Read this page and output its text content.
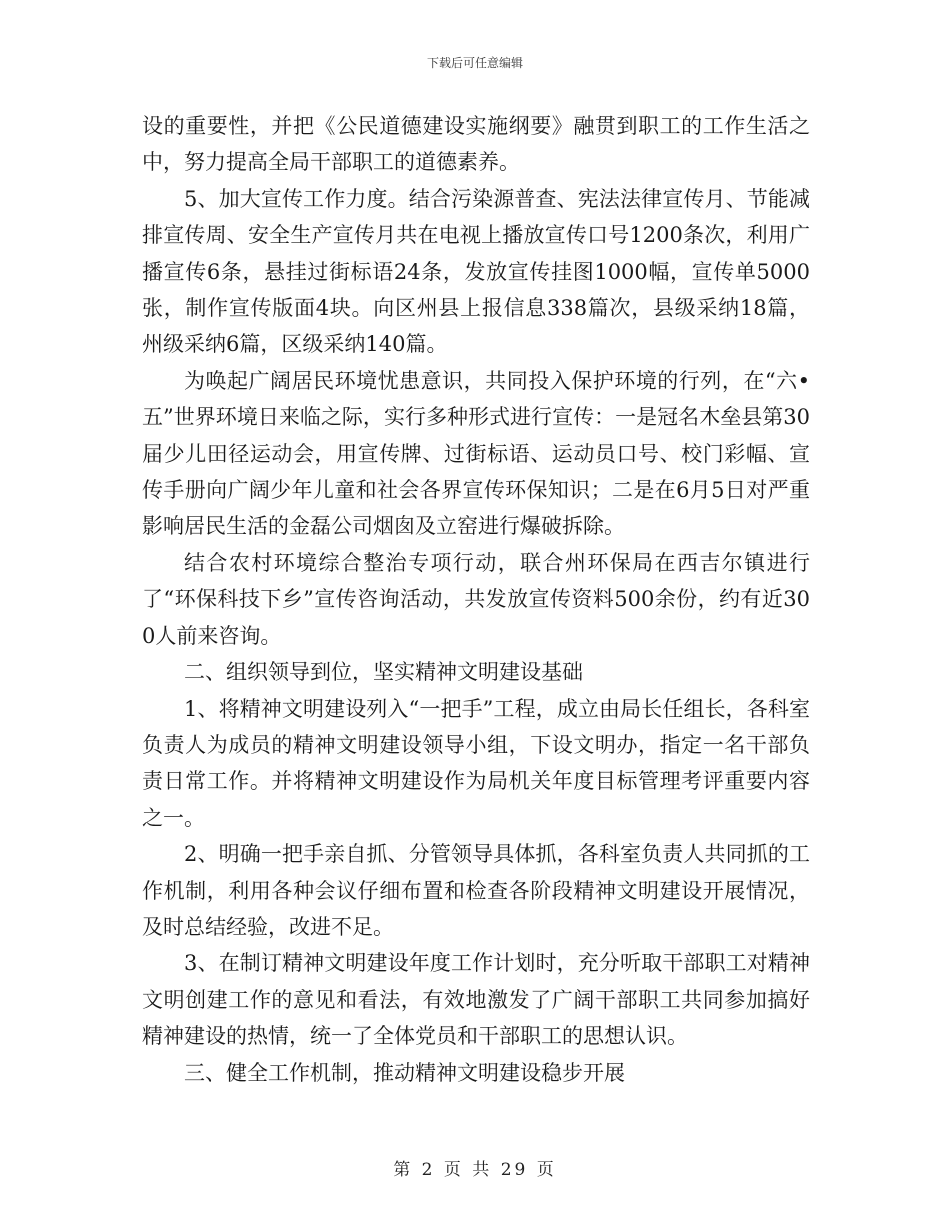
下载后可任意编辑

设的重要性，并把《公民道德建设实施纲要》融贯到职工的工作生活之中，努力提高全局干部职工的道德素养。

5、加大宣传工作力度。结合污染源普查、宪法法律宣传月、节能减排宣传周、安全生产宣传月共在电视上播放宣传口号1200条次，利用广播宣传6条，悬挂过街标语24条，发放宣传挂图1000幅，宣传单5000张，制作宣传版面4块。向区州县上报信息338篇次，县级采纳18篇，州级采纳6篇，区级采纳140篇。

为唤起广阔居民环境忧患意识，共同投入保护环境的行列，在“六•五”世界环境日来临之际，实行多种形式进行宣传：一是冠名木垒县第30届少儿田径运动会，用宣传牌、过街标语、运动员口号、校门彩幅、宣传手册向广阔少年儿童和社会各界宣传环保知识；二是在6月5日对严重影响居民生活的金磊公司烟囱及立窑进行爆破拆除。

结合农村环境综合整治专项行动，联合州环保局在西吉尔镇进行了“环保科技下乡”宣传咨询活动，共发放宣传资料500余份，约有近300人前来咨询。

二、组织领导到位，坚实精神文明建设基础

1、将精神文明建设列入“一把手”工程，成立由局长任组长，各科室负责人为成员的精神文明建设领导小组，下设文明办，指定一名干部负责日常工作。并将精神文明建设作为局机关年度目标管理考评重要内容之一。

2、明确一把手亲自抓、分管领导具体抓，各科室负责人共同抓的工作机制，利用各种会议仔细布置和检查各阶段精神文明建设开展情况，及时总结经验，改进不足。

3、在制订精神文明建设年度工作计划时，充分听取干部职工对精神文明创建工作的意见和看法，有效地激发了广阔干部职工共同参加搞好精神建设的热情，统一了全体党员和干部职工的思想认识。

三、健全工作机制，推动精神文明建设稳步开展

第 2 页 共 29 页
